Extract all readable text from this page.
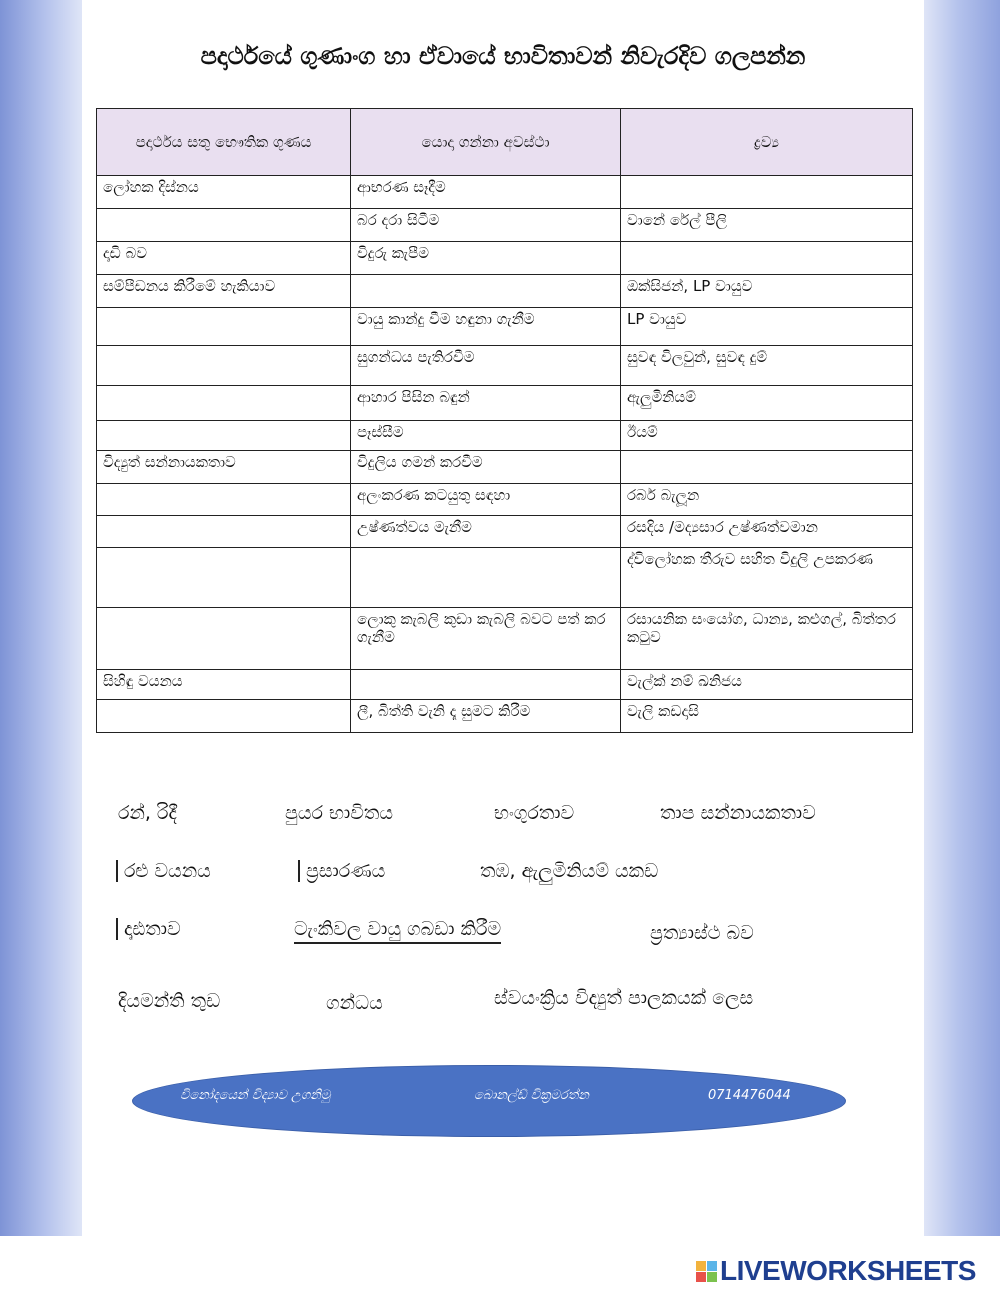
පදාර්ථයේ ගුණාංග හා ඒවායේ භාවිතාවන් නිවැරදිව ගලපන්න
පදාර්ථය සතු භෞතික ගුණය	යොදා ගන්නා අවස්ථා	ද්‍රව්‍ය
ලෝහක දිස්නය	ආභරණ සෑදීම	
	බර දරා සිටීම	වානේ රේල් පීලි
දෘඩි බව	විදුරු කැපීම	
සම්පීඩනය කිරීමේ හැකියාව		ඔක්සිජන්, LP වායුව
	වායු කාන්දු වීම හඳුනා ගැනීම	LP වායුව
	සුගන්ධය පැතිරවීම	සුවඳ විලවුන්, සුවඳ දුම්
	ආහාර පිසින බඳුන්	ඇලුමිනියම්
	පෑස්සීම	ඊයම්
විද්‍යුත් සන්නායකතාව	විදුලිය ගමන් කරවීම	
	අලංකරණ කටයුතු සඳහා	රබර් බැලූන
	උෂ්ණත්වය මැනීම	රසදිය /මද්‍යසාර උෂ්ණත්වමාන
		ද්විලෝහක තීරුව සහිත විදුලි උපකරණ
	ලොකු කැබලි කුඩා කැබලි බවට පත් කර ගැනීම	රසායනික සංයෝග, ධාන්‍ය, කළුගල්, බිත්තර කටුව
සිහිඳු වයනය		වැල්ක් නම් ඛනිජය
	ලී, බිත්ති වැනි දෑ සුමට කිරීම	වැලි කඩදාසි
රන්, රිදී	පුයර භාවිතය	භංගුරතාව	තාප සන්නායකතාව
රළු වයනය	ප්‍රසාරණය	තඹ, ඇලුමිනියම් යකඩ
දෘඪතාව	ටැංකිවල වායු ගබඩා කිරීම	ප්‍රත්‍යාස්ථ බව
දියමන්ති තුඩ	ගන්ධය	ස්වයංක්‍රිය විද්‍යුත් පාලකයක් ලෙස
විනෝදයෙන් විද්‍යාව උගනිමු	බොනල්ඩ් වික්‍රමරත්න	0714476044
LIVEWORKSHEETS
